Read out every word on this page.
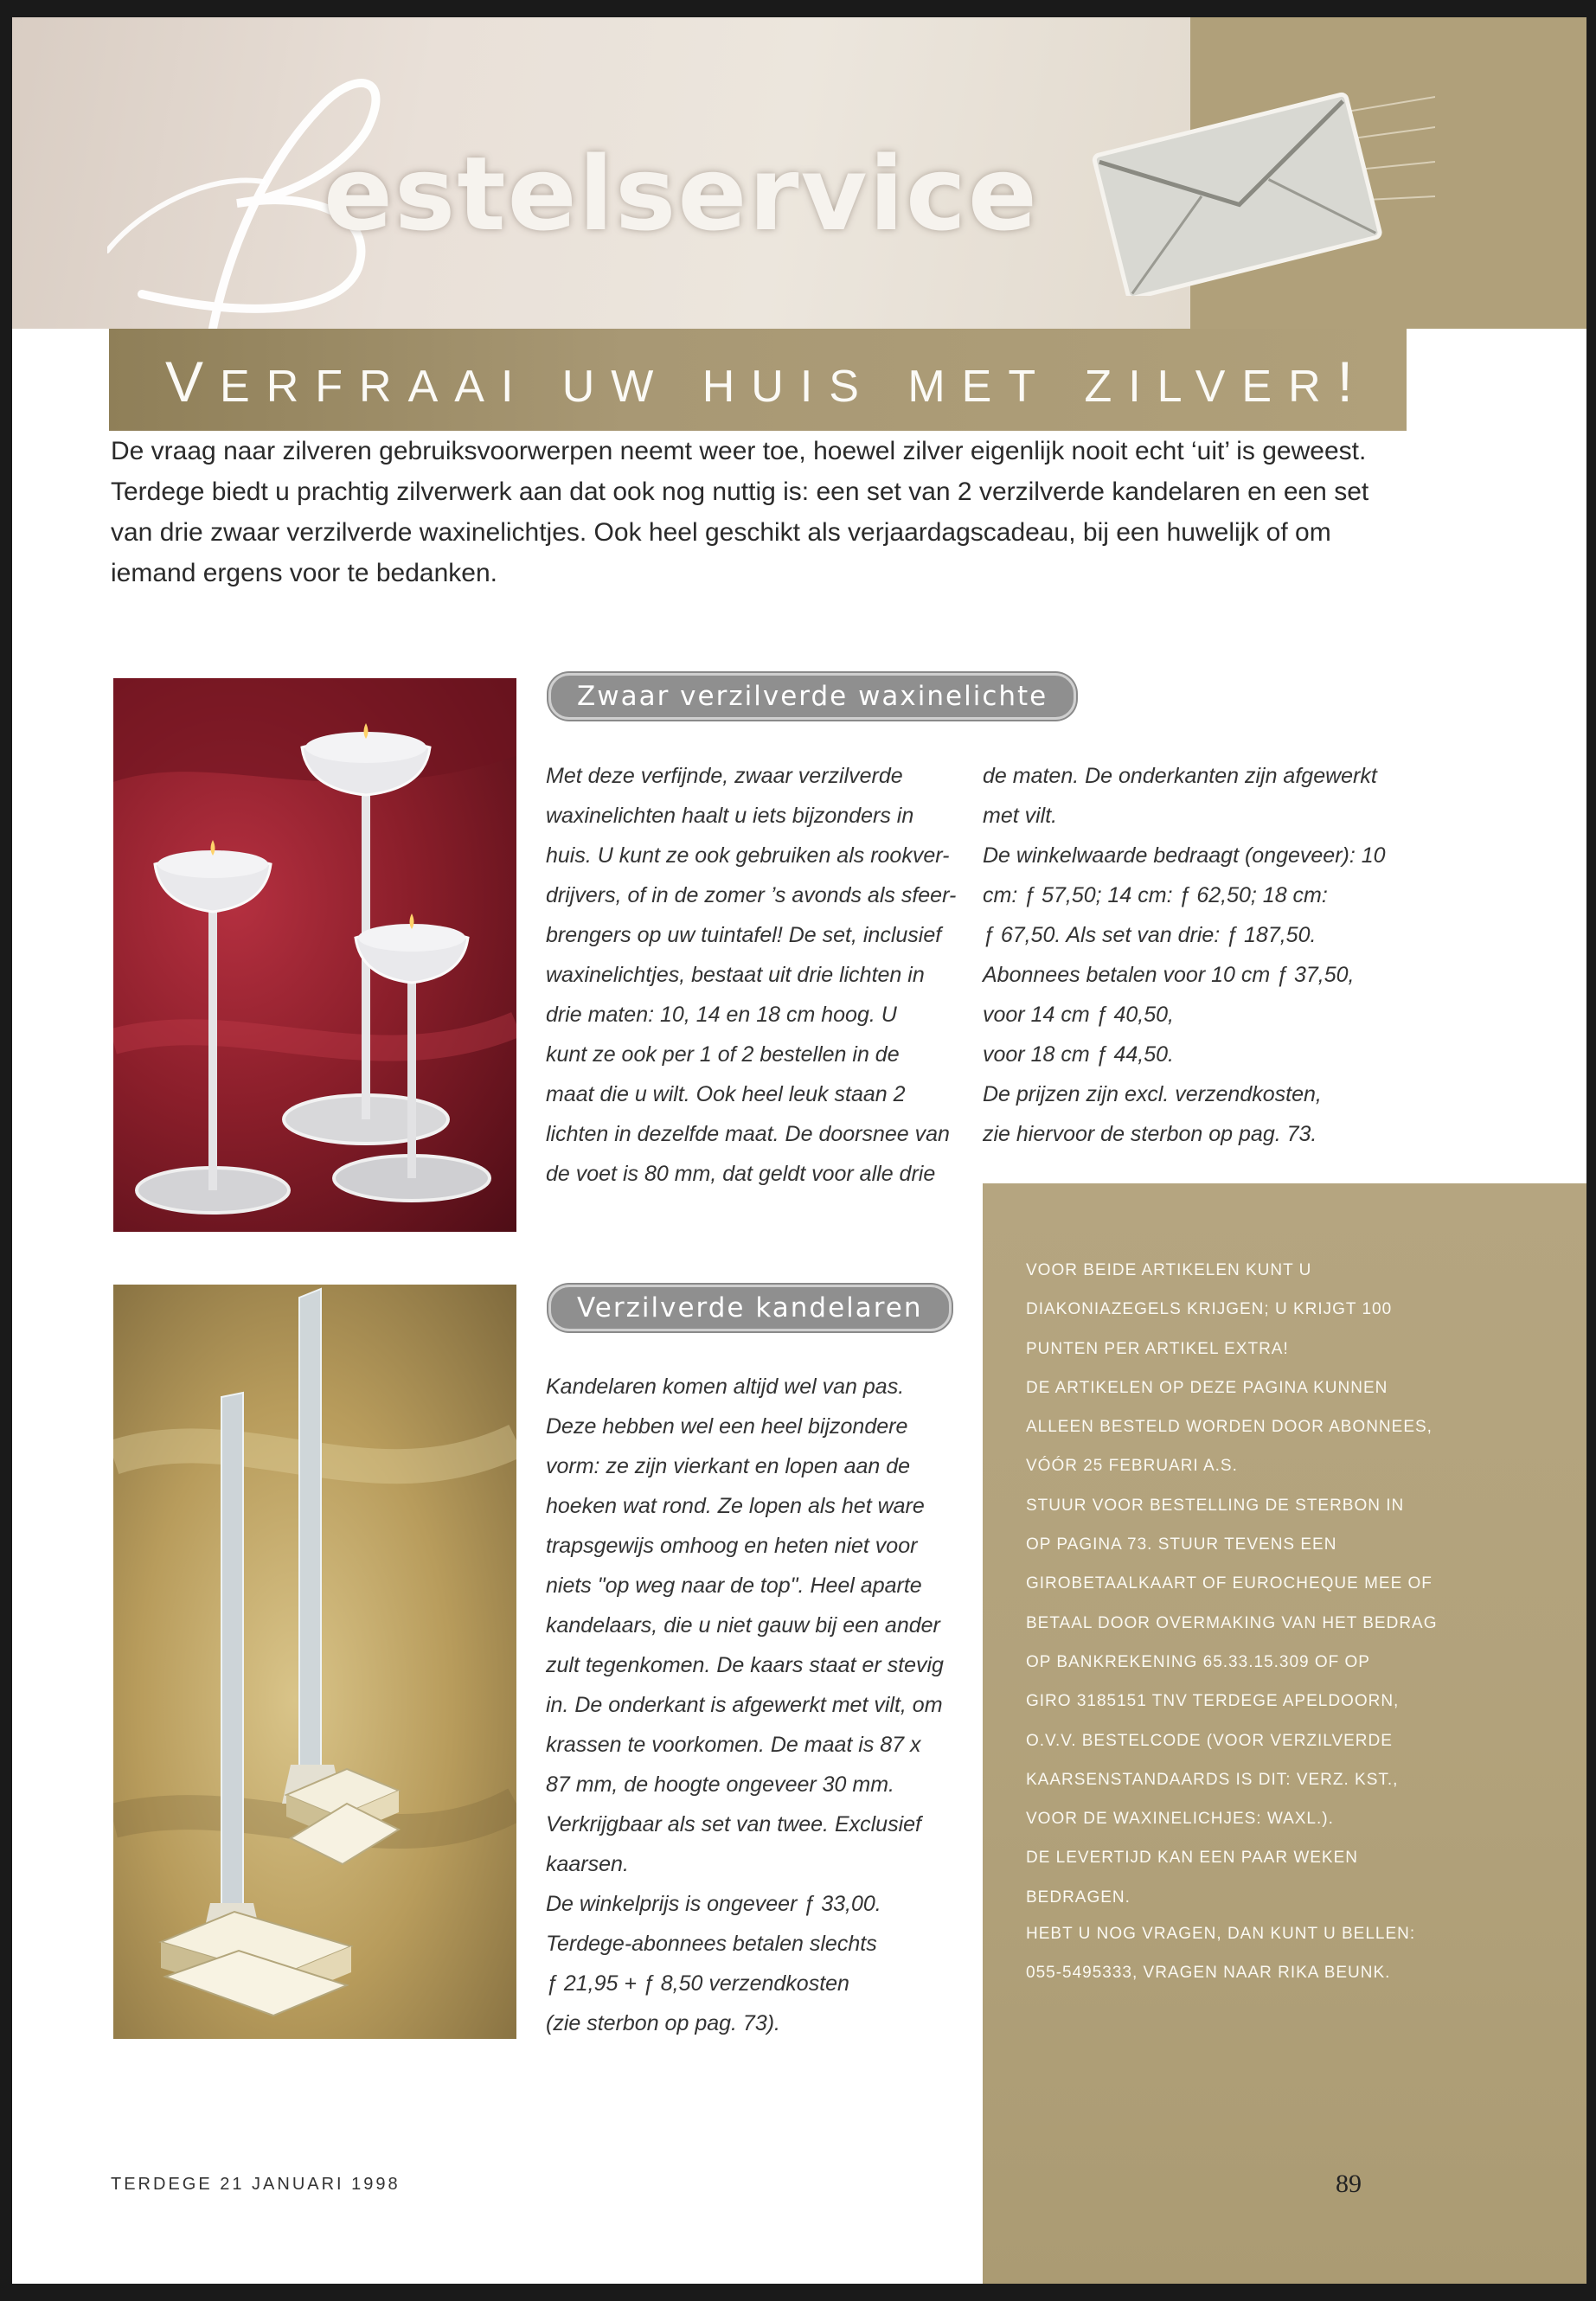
estelservice
VERFRAAI UW HUIS MET ZILVER!

De vraag naar zilveren gebruiksvoorwerpen neemt weer toe, hoewel zilver eigenlijk nooit echt ‘uit’ is geweest. Terdege biedt u prachtig zilverwerk aan dat ook nog nuttig is: een set van 2 verzilverde kandelaren en een set van drie zwaar verzilverde waxinelichtjes. Ook heel geschikt als verjaardagscadeau, bij een huwelijk of om iemand ergens voor te bedanken.

Zwaar verzilverde waxinelichte
Met deze verfijnde, zwaar verzilverde
waxinelichten haalt u iets bijzonders in
huis. U kunt ze ook gebruiken als rookver-
drijvers, of in de zomer ’s avonds als sfeer-
brengers op uw tuintafel! De set, inclusief
waxinelichtjes, bestaat uit drie lichten in
drie maten: 10, 14 en 18 cm hoog. U
kunt ze ook per 1 of 2 bestellen in de
maat die u wilt. Ook heel leuk staan 2
lichten in dezelfde maat. De doorsnee van
de voet is 80 mm, dat geldt voor alle drie
de maten. De onderkanten zijn afgewerkt
met vilt.
De winkelwaarde bedraagt (ongeveer): 10
cm: ƒ 57,50; 14 cm: ƒ 62,50; 18 cm:
ƒ 67,50. Als set van drie: ƒ 187,50.
Abonnees betalen voor 10 cm ƒ 37,50,
voor 14 cm ƒ 40,50,
voor 18 cm ƒ 44,50.
De prijzen zijn excl. verzendkosten,
zie hiervoor de sterbon op pag. 73.
VOOR BEIDE ARTIKELEN KUNT U
DIAKONIAZEGELS KRIJGEN; U KRIJGT 100
PUNTEN PER ARTIKEL EXTRA!
DE ARTIKELEN OP DEZE PAGINA KUNNEN
ALLEEN BESTELD WORDEN DOOR ABONNEES,
VÓÓR 25 FEBRUARI A.S.
STUUR VOOR BESTELLING DE STERBON IN
OP PAGINA 73. STUUR TEVENS EEN
GIROBETAALKAART OF EUROCHEQUE MEE OF
BETAAL DOOR OVERMAKING VAN HET BEDRAG
OP BANKREKENING 65.33.15.309 OF OP
GIRO 3185151 TNV TERDEGE APELDOORN,
O.V.V. BESTELCODE (VOOR VERZILVERDE
KAARSENSTANDAARDS IS DIT: VERZ. KST.,
VOOR DE WAXINELICHJES: WAXL.).
DE LEVERTIJD KAN EEN PAAR WEKEN
BEDRAGEN.
HEBT U NOG VRAGEN, DAN KUNT U BELLEN:
055-5495333, VRAGEN NAAR RIKA BEUNK.
Verzilverde kandelaren
Kandelaren komen altijd wel van pas.
Deze hebben wel een heel bijzondere
vorm: ze zijn vierkant en lopen aan de
hoeken wat rond. Ze lopen als het ware
trapsgewijs omhoog en heten niet voor
niets "op weg naar de top". Heel aparte
kandelaars, die u niet gauw bij een ander
zult tegenkomen. De kaars staat er stevig
in. De onderkant is afgewerkt met vilt, om
krassen te voorkomen. De maat is 87 x
87 mm, de hoogte ongeveer 30 mm.
Verkrijgbaar als set van twee. Exclusief
kaarsen.
De winkelprijs is ongeveer ƒ 33,00.
Terdege-abonnees betalen slechts
ƒ 21,95 + ƒ 8,50 verzendkosten
(zie sterbon op pag. 73).
TERDEGE 21 JANUARI 1998	89
